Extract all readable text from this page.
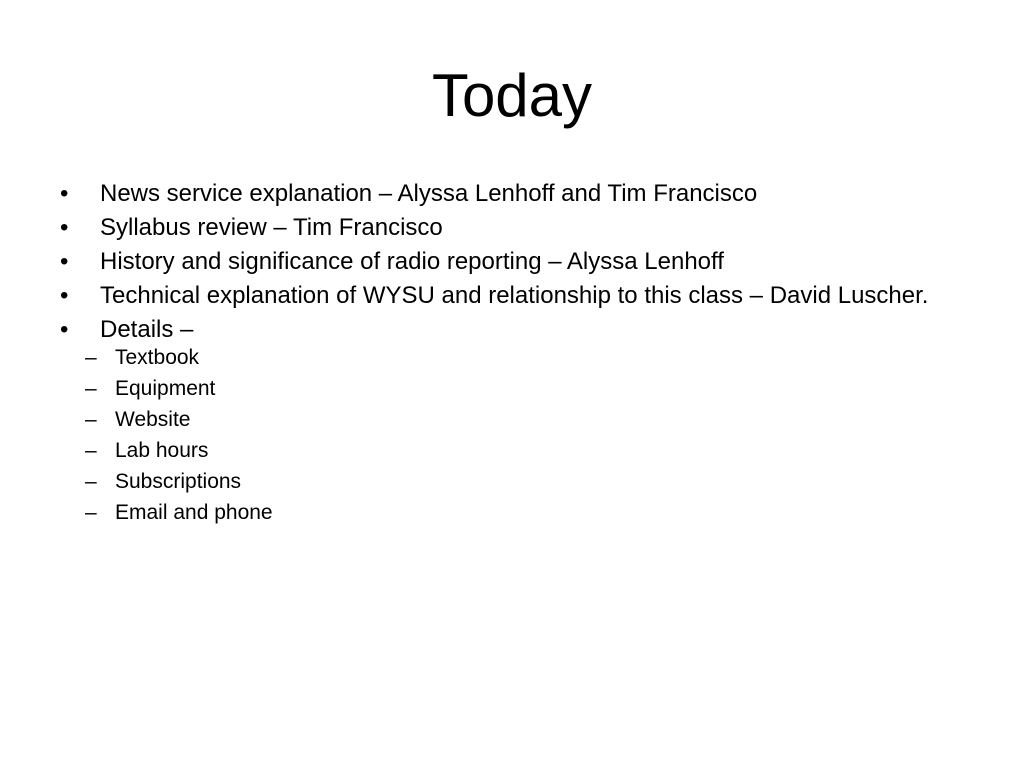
Today
• News service explanation – Alyssa Lenhoff and Tim Francisco
• Syllabus review – Tim Francisco
• History and significance of radio reporting – Alyssa Lenhoff
• Technical explanation of WYSU and relationship to this class – David Luscher.
• Details –
– Textbook
– Equipment
– Website
– Lab hours
– Subscriptions
– Email and phone
